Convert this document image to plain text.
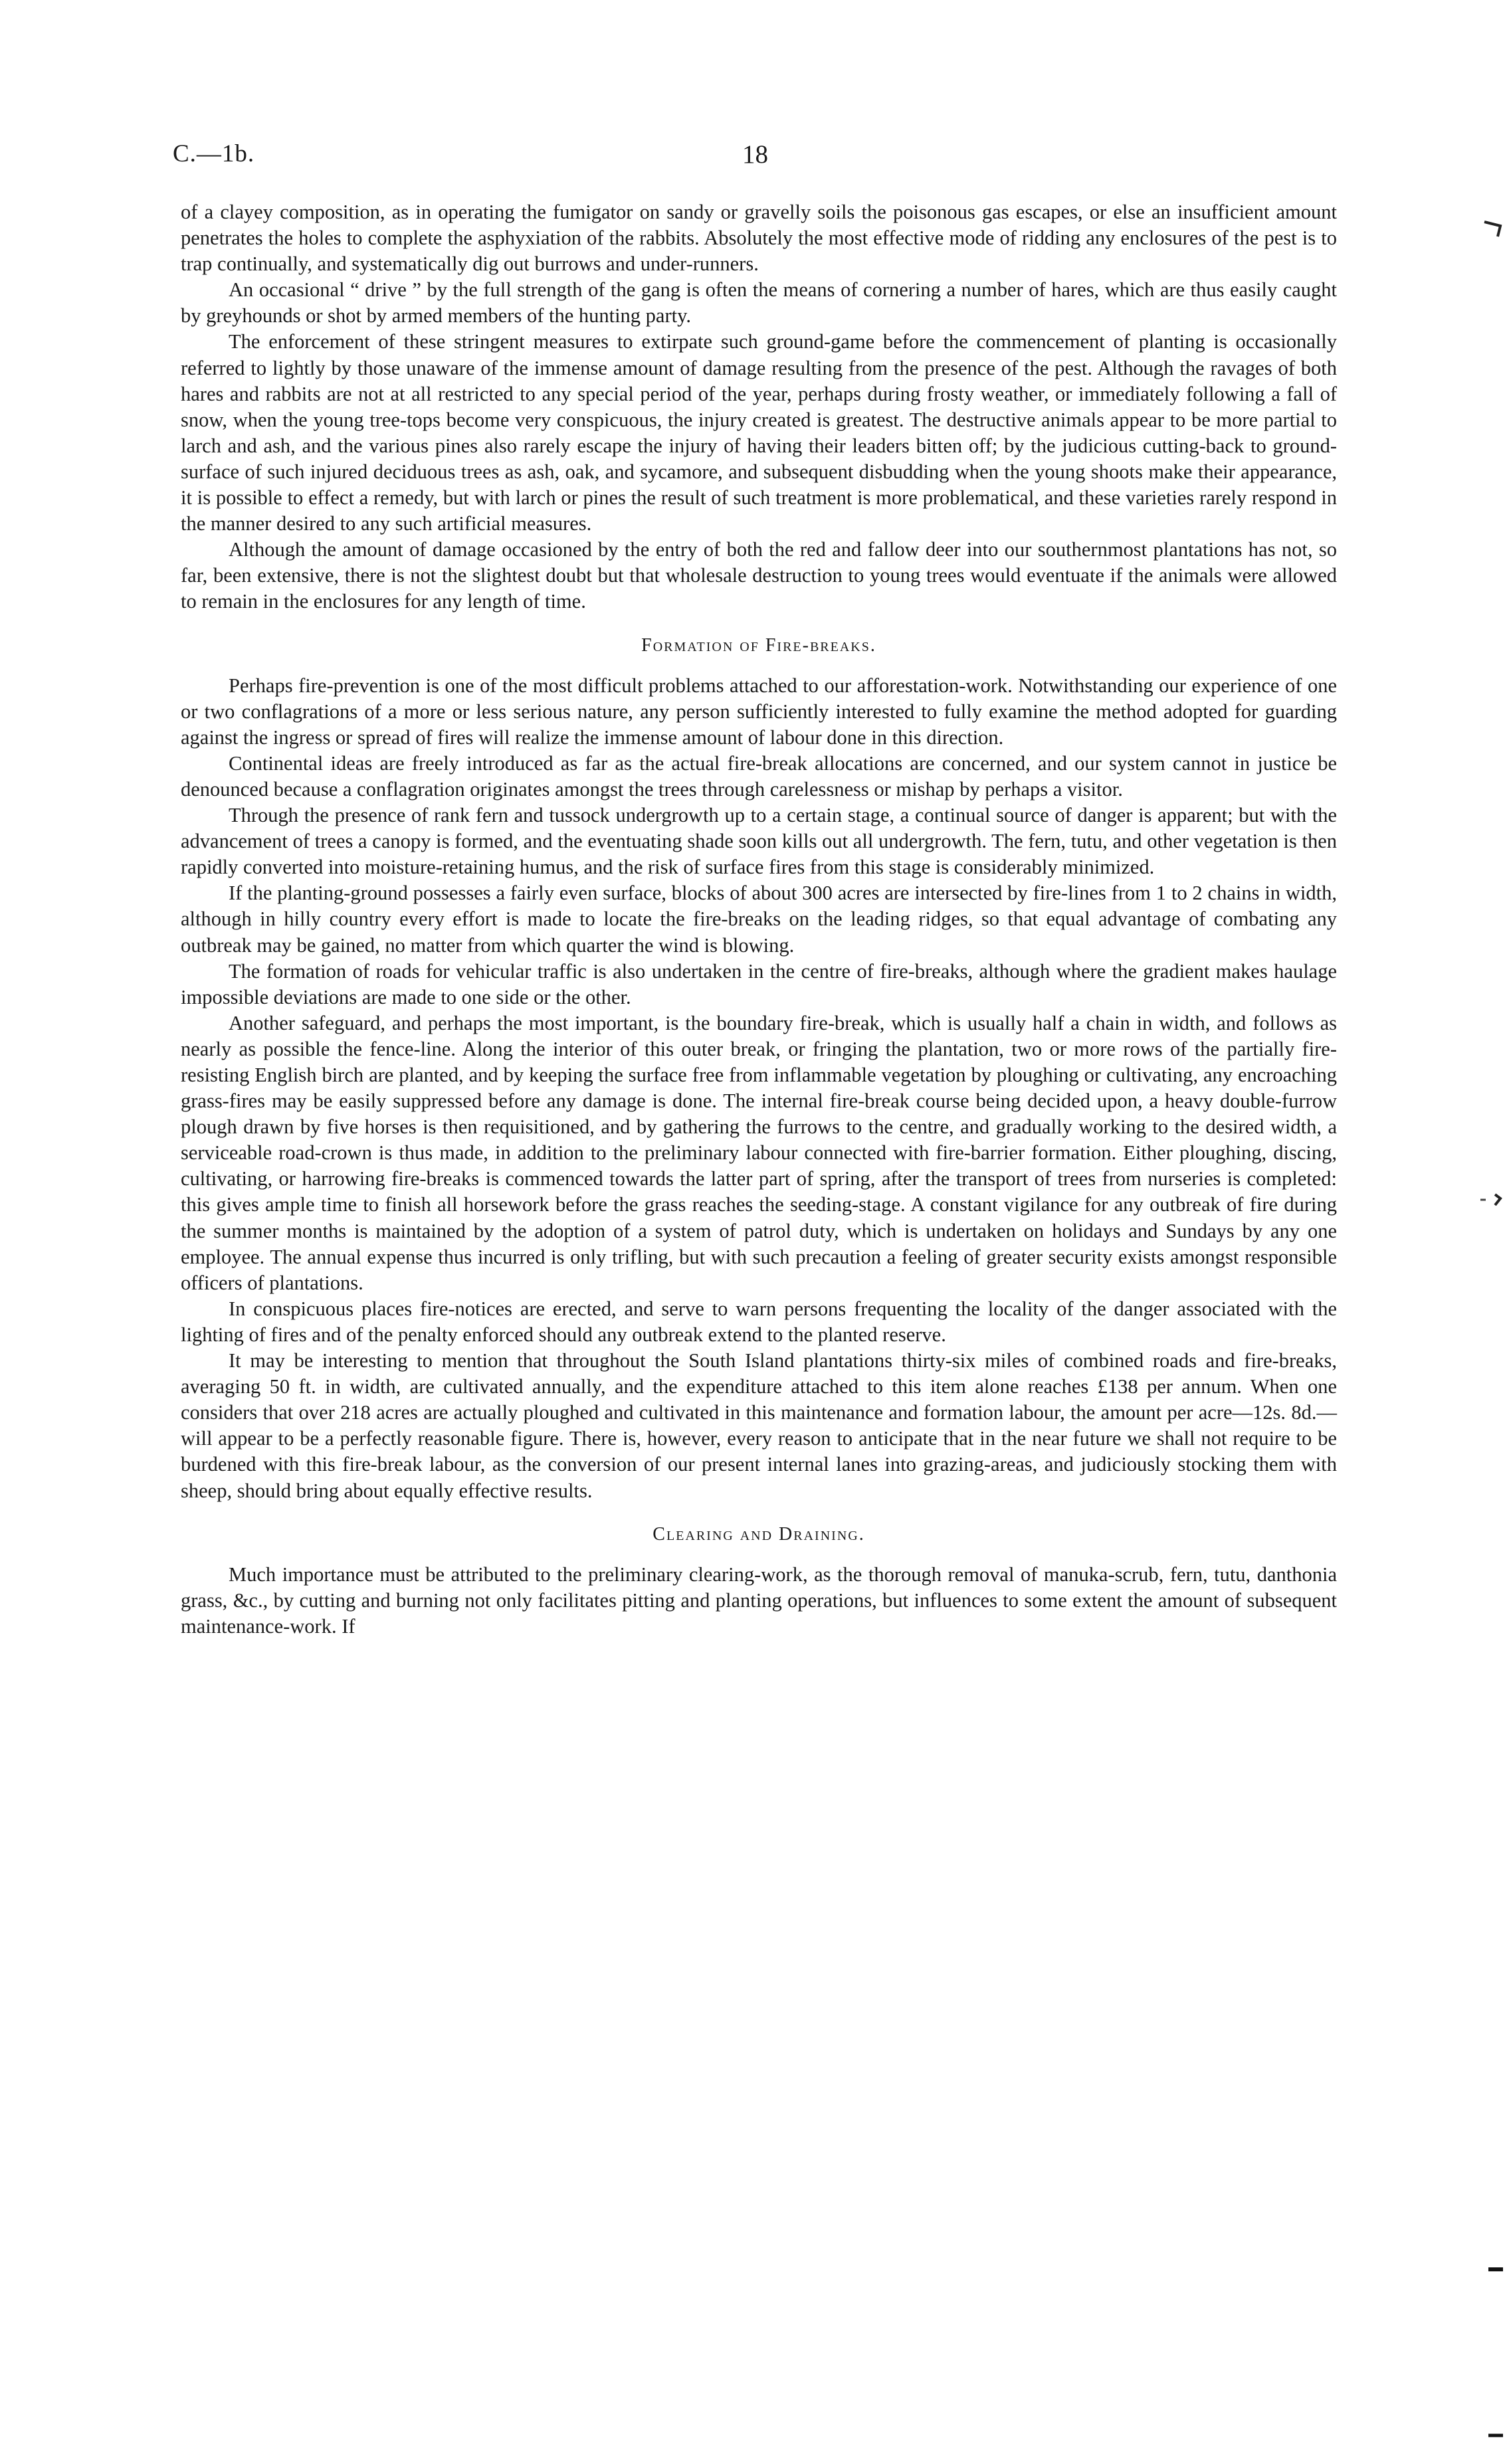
C.—1b.	18

of a clayey composition, as in operating the fumigator on sandy or gravelly soils the poisonous gas escapes, or else an insufficient amount penetrates the holes to complete the asphyxiation of the rabbits. Absolutely the most effective mode of ridding any enclosures of the pest is to trap continually, and systematically dig out burrows and under-runners.

An occasional “ drive ” by the full strength of the gang is often the means of cornering a number of hares, which are thus easily caught by greyhounds or shot by armed members of the hunting party.

The enforcement of these stringent measures to extirpate such ground-game before the commencement of planting is occasionally referred to lightly by those unaware of the immense amount of damage resulting from the presence of the pest. Although the ravages of both hares and rabbits are not at all restricted to any special period of the year, perhaps during frosty weather, or immediately following a fall of snow, when the young tree-tops become very conspicuous, the injury created is greatest. The destructive animals appear to be more partial to larch and ash, and the various pines also rarely escape the injury of having their leaders bitten off; by the judicious cutting-back to ground-surface of such injured deciduous trees as ash, oak, and sycamore, and subsequent disbudding when the young shoots make their appearance, it is possible to effect a remedy, but with larch or pines the result of such treatment is more problematical, and these varieties rarely respond in the manner desired to any such artificial measures.

Although the amount of damage occasioned by the entry of both the red and fallow deer into our southernmost plantations has not, so far, been extensive, there is not the slightest doubt but that wholesale destruction to young trees would eventuate if the animals were allowed to remain in the enclosures for any length of time.

Formation of Fire-breaks.

Perhaps fire-prevention is one of the most difficult problems attached to our afforestation-work. Notwithstanding our experience of one or two conflagrations of a more or less serious nature, any person sufficiently interested to fully examine the method adopted for guarding against the ingress or spread of fires will realize the immense amount of labour done in this direction.

Continental ideas are freely introduced as far as the actual fire-break allocations are concerned, and our system cannot in justice be denounced because a conflagration originates amongst the trees through carelessness or mishap by perhaps a visitor.

Through the presence of rank fern and tussock undergrowth up to a certain stage, a continual source of danger is apparent; but with the advancement of trees a canopy is formed, and the eventuating shade soon kills out all undergrowth. The fern, tutu, and other vegetation is then rapidly converted into moisture-retaining humus, and the risk of surface fires from this stage is considerably minimized.

If the planting-ground possesses a fairly even surface, blocks of about 300 acres are intersected by fire-lines from 1 to 2 chains in width, although in hilly country every effort is made to locate the fire-breaks on the leading ridges, so that equal advantage of combating any outbreak may be gained, no matter from which quarter the wind is blowing.

The formation of roads for vehicular traffic is also undertaken in the centre of fire-breaks, although where the gradient makes haulage impossible deviations are made to one side or the other.

Another safeguard, and perhaps the most important, is the boundary fire-break, which is usually half a chain in width, and follows as nearly as possible the fence-line. Along the interior of this outer break, or fringing the plantation, two or more rows of the partially fire-resisting English birch are planted, and by keeping the surface free from inflammable vegetation by ploughing or cultivating, any encroaching grass-fires may be easily suppressed before any damage is done. The internal fire-break course being decided upon, a heavy double-furrow plough drawn by five horses is then requisitioned, and by gathering the furrows to the centre, and gradually working to the desired width, a serviceable road-crown is thus made, in addition to the preliminary labour connected with fire-barrier formation. Either ploughing, discing, cultivating, or harrowing fire-breaks is commenced towards the latter part of spring, after the transport of trees from nurseries is completed: this gives ample time to finish all horsework before the grass reaches the seeding-stage. A constant vigilance for any outbreak of fire during the summer months is maintained by the adoption of a system of patrol duty, which is undertaken on holidays and Sundays by any one employee. The annual expense thus incurred is only trifling, but with such precaution a feeling of greater security exists amongst responsible officers of plantations.

In conspicuous places fire-notices are erected, and serve to warn persons frequenting the locality of the danger associated with the lighting of fires and of the penalty enforced should any outbreak extend to the planted reserve.

It may be interesting to mention that throughout the South Island plantations thirty-six miles of combined roads and fire-breaks, averaging 50 ft. in width, are cultivated annually, and the expenditure attached to this item alone reaches £138 per annum. When one considers that over 218 acres are actually ploughed and cultivated in this maintenance and formation labour, the amount per acre—12s. 8d.—will appear to be a perfectly reasonable figure. There is, however, every reason to anticipate that in the near future we shall not require to be burdened with this fire-break labour, as the conversion of our present internal lanes into grazing-areas, and judiciously stocking them with sheep, should bring about equally effective results.

Clearing and Draining.

Much importance must be attributed to the preliminary clearing-work, as the thorough removal of manuka-scrub, fern, tutu, danthonia grass, &c., by cutting and burning not only facilitates pitting and planting operations, but influences to some extent the amount of subsequent maintenance-work. If
